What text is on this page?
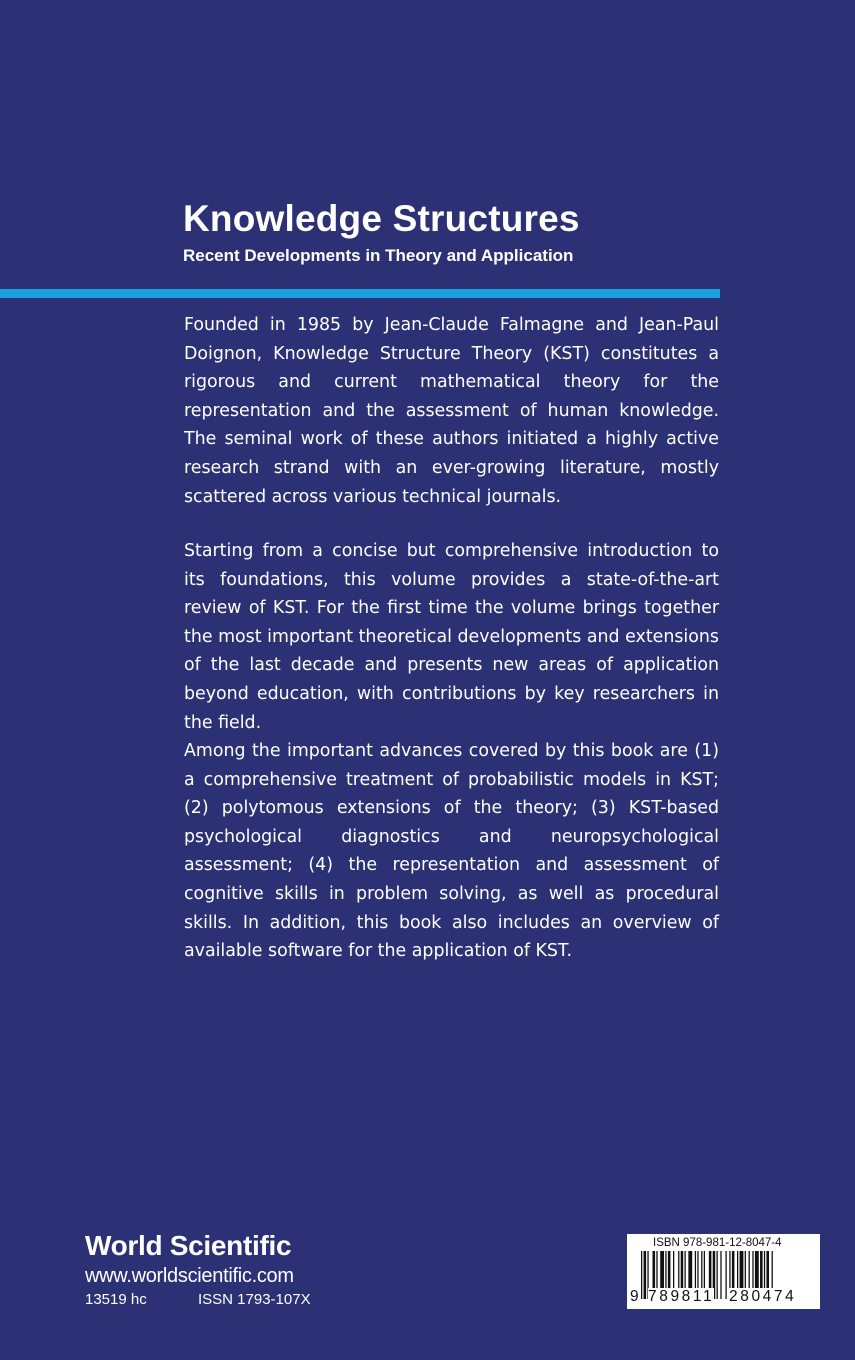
Knowledge Structures
Recent Developments in Theory and Application

Founded in 1985 by Jean-Claude Falmagne and Jean-Paul Doignon, Knowledge Structure Theory (KST) constitutes a rigorous and current mathematical theory for the representation and the assessment of human knowledge. The seminal work of these authors initiated a highly active research strand with an ever-growing literature, mostly scattered across various technical journals.

Starting from a concise but comprehensive introduction to its foundations, this volume provides a state-of-the-art review of KST. For the first time the volume brings together the most important theoretical developments and extensions of the last decade and presents new areas of application beyond education, with contributions by key researchers in the field.

Among the important advances covered by this book are (1) a comprehensive treatment of probabilistic models in KST; (2) polytomous extensions of the theory; (3) KST-based psychological diagnostics and neuropsychological assessment; (4) the representation and assessment of cognitive skills in problem solving, as well as procedural skills. In addition, this book also includes an overview of available software for the application of KST.

World Scientific
www.worldscientific.com
13519 hc	ISSN 1793-107X
ISBN 978-981-12-8047-4
9 789811 280474
